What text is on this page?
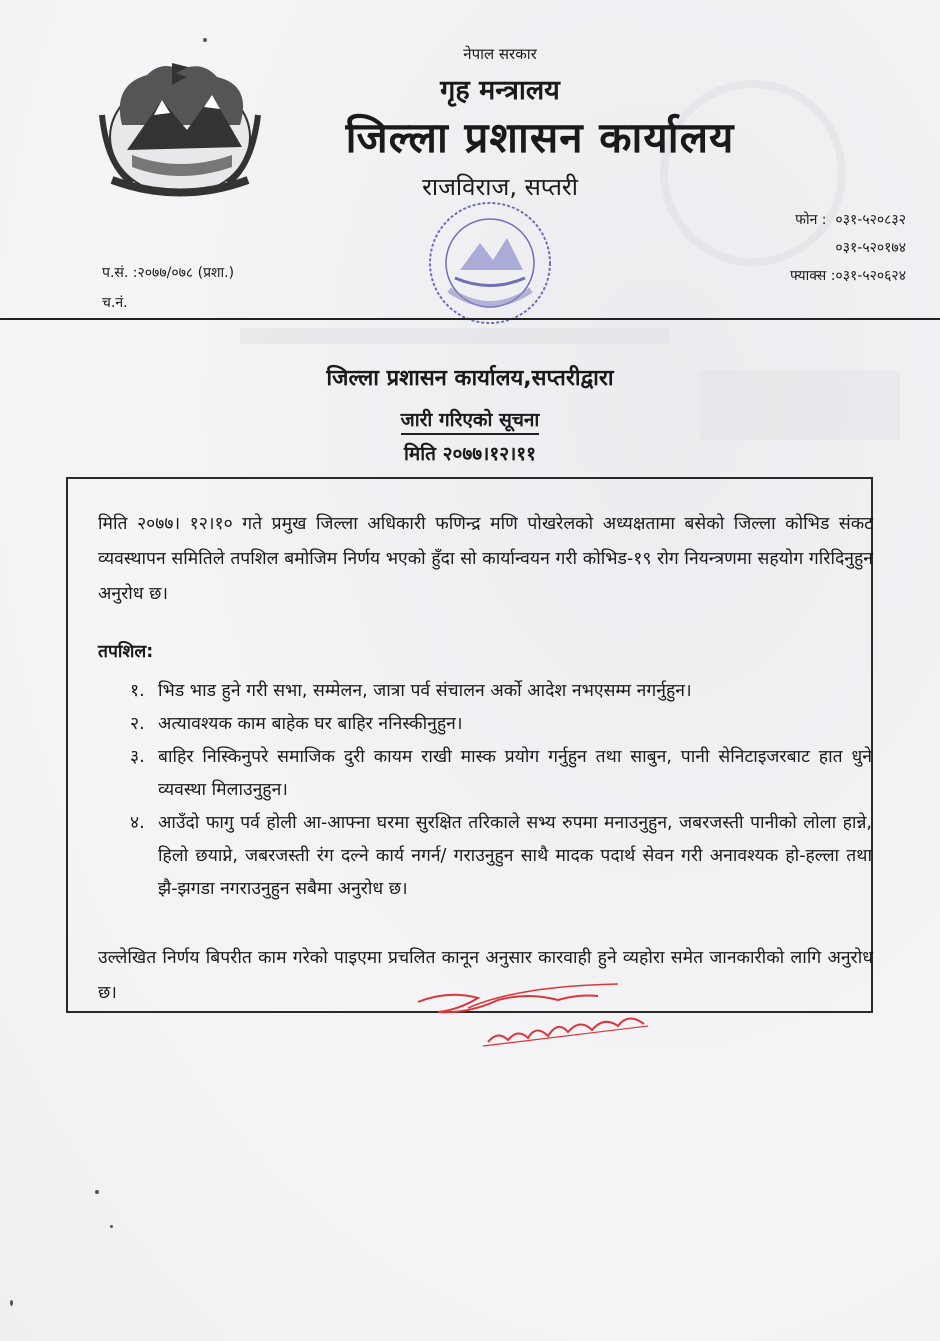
नेपाल सरकार
गृह मन्त्रालय
जिल्ला प्रशासन कार्यालय
राजविराज, सप्तरी
फोन : ०३१-५२०८३२
०३१-५२०१७४
फ्याक्स :०३१-५२०६२४
प.सं. :२०७७/०७८ (प्रशा.)
च.नं.
जिल्ला प्रशासन कार्यालय,सप्तरीद्वारा
जारी गरिएको सूचना
मिति २०७७।१२।११
मिति २०७७। १२।१० गते प्रमुख जिल्ला अधिकारी फणिन्द्र मणि पोखरेलको अध्यक्षतामा बसेको जिल्ला कोभिड संकट व्यवस्थापन समितिले तपशिल बमोजिम निर्णय भएको हुँदा सो कार्यान्वयन गरी कोभिड-१९ रोग नियन्त्रणमा सहयोग गरिदिनुहुन अनुरोध छ।
तपशिल:
१. भिड भाड हुने गरी सभा, सम्मेलन, जात्रा पर्व संचालन अर्को आदेश नभएसम्म नगर्नुहुन।
२. अत्यावश्यक काम बाहेक घर बाहिर ननिस्कीनुहुन।
३. बाहिर निस्किनुपरे समाजिक दुरी कायम राखी मास्क प्रयोग गर्नुहुन तथा साबुन, पानी सेनिटाइजरबाट हात धुने व्यवस्था मिलाउनुहुन।
४. आउँदो फागु पर्व होली आ-आफ्ना घरमा सुरक्षित तरिकाले सभ्य रुपमा मनाउनुहुन, जबरजस्ती पानीको लोला हान्ने, हिलो छयाप्ने, जबरजस्ती रंग दल्ने कार्य नगर्न/ गराउनुहुन साथै मादक पदार्थ सेवन गरी अनावश्यक हो-हल्ला तथा झै-झगडा नगराउनुहुन सबैमा अनुरोध छ।
उल्लेखित निर्णय बिपरीत काम गरेको पाइएमा प्रचलित कानून अनुसार कारवाही हुने व्यहोरा समेत जानकारीको लागि अनुरोध छ।
